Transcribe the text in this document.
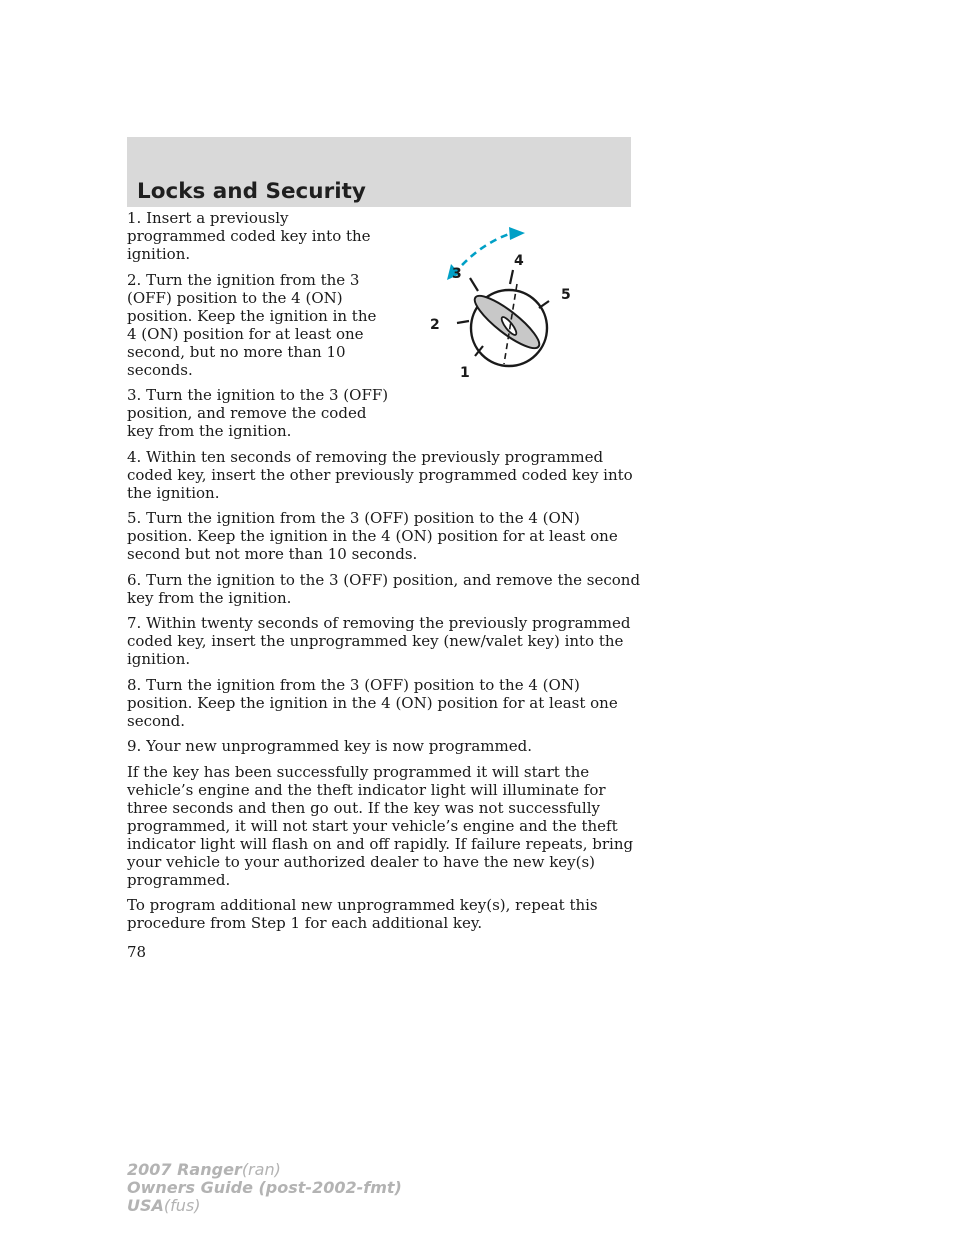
Locks and Security
1
2
3
4
5

1. Insert a previously programmed coded key into the ignition.

2. Turn the ignition from the 3 (OFF) position to the 4 (ON) position. Keep the ignition in the 4 (ON) position for at least one second, but no more than 10 seconds.

3. Turn the ignition to the 3 (OFF) position, and remove the coded key from the ignition.

4. Within ten seconds of removing the previously programmed coded key, insert the other previously programmed coded key into the ignition.

5. Turn the ignition from the 3 (OFF) position to the 4 (ON) position. Keep the ignition in the 4 (ON) position for at least one second but not more than 10 seconds.

6. Turn the ignition to the 3 (OFF) position, and remove the second key from the ignition.

7. Within twenty seconds of removing the previously programmed coded key, insert the unprogrammed key (new/valet key) into the ignition.

8. Turn the ignition from the 3 (OFF) position to the 4 (ON) position. Keep the ignition in the 4 (ON) position for at least one second.

9. Your new unprogrammed key is now programmed.

If the key has been successfully programmed it will start the vehicle’s engine and the theft indicator light will illuminate for three seconds and then go out. If the key was not successfully programmed, it will not start your vehicle’s engine and the theft indicator light will flash on and off rapidly. If failure repeats, bring your vehicle to your authorized dealer to have the new key(s) programmed.

To program additional new unprogrammed key(s), repeat this procedure from Step 1 for each additional key.

78
2007 Ranger(ran)
Owners Guide (post-2002-fmt)
USA(fus)
